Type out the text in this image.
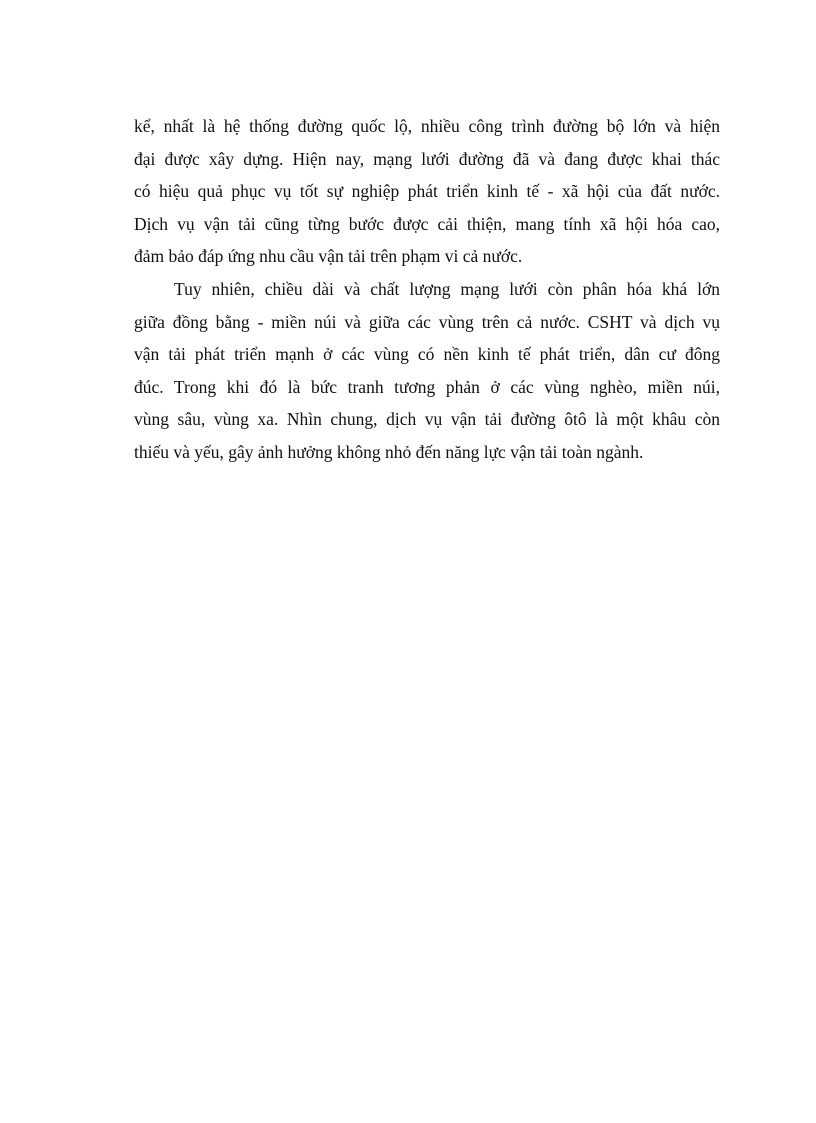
kể, nhất là hệ thống đường quốc lộ, nhiều công trình đường bộ lớn và hiện
đại được xây dựng. Hiện nay, mạng lưới đường đã và đang được khai thác
có hiệu quả phục vụ tốt sự nghiệp phát triển kinh tế - xã hội của đất nước.
Dịch vụ vận tải cũng từng bước được cải thiện, mang tính xã hội hóa cao,
đảm bảo đáp ứng nhu cầu vận tải trên phạm vi cả nước.
Tuy nhiên, chiều dài và chất lượng mạng lưới còn phân hóa khá lớn
giữa đồng bằng - miền núi và giữa các vùng trên cả nước. CSHT và dịch vụ
vận tải phát triển mạnh ở các vùng có nền kinh tế phát triển, dân cư đông
đúc. Trong khi đó là bức tranh tương phản ở các vùng nghèo, miền núi,
vùng sâu, vùng xa. Nhìn chung, dịch vụ vận tải đường ôtô là một khâu còn
thiếu và yếu, gây ảnh hưởng không nhỏ đến năng lực vận tải toàn ngành.
